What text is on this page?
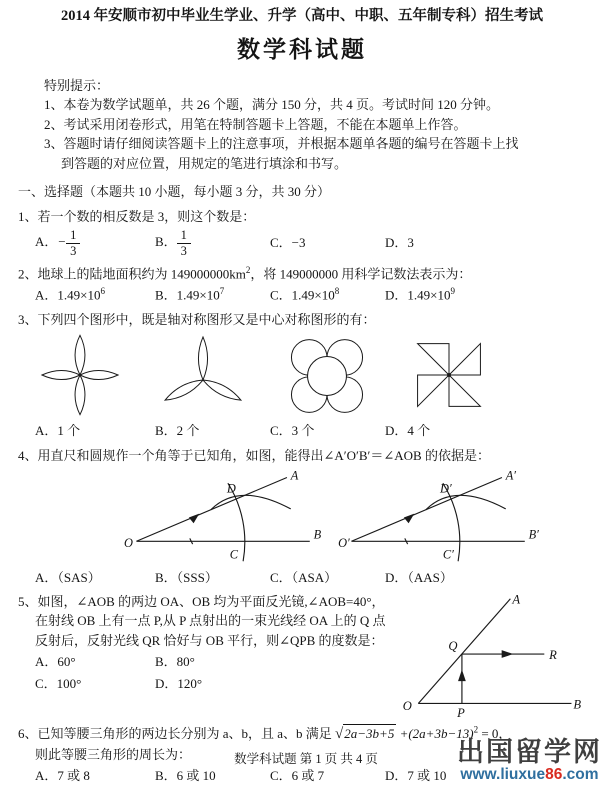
2014 年安顺市初中毕业生学业、升学（高中、中职、五年制专科）招生考试
数学科试题
特别提示：
1、本卷为数学试题单，共 26 个题，满分 150 分，共 4 页。考试时间 120 分钟。
2、考试采用闭卷形式，用笔在特制答题卡上答题，不能在本题单上作答。
3、答题时请仔细阅读答题卡上的注意事项，并根据本题单各题的编号在答题卡上找
到答题的对应位置，用规定的笔进行填涂和书写。
一、选择题（本题共 10 小题，每小题 3 分，共 30 分）
1、若一个数的相反数是 3，则这个数是：
A．− $\frac{1}{3}$	B． $\frac{1}{3}$	C．−3	D．3
2、地球上的陆地面积约为 $149000000km^2$，将 149000000 用科学记数法表示为：
A．$1.49\times 10^6$	B．$1.49\times 10^7$	C．$1.49\times 10^8$	D．$1.49\times 10^9$
3、下列四个图形中，既是轴对称图形又是中心对称图形的有：
A．1 个	B．2 个	C．3 个	D．4 个
4、用直尺和圆规作一个角等于已知角，如图，能得出∠A′O′B′＝∠AOB 的依据是：
O
A
B
C
D
O′
A′
B′
C′
D′
A．（SAS）	B．（SSS）	C．（ASA）	D．（AAS）
5、如图，∠AOB 的两边 OA、OB 均为平面反光镜,∠AOB=40°，
在射线 OB 上有一点 P,从 P 点射出的一束光线经 OA 上的 Q 点
反射后，反射光线 QR 恰好与 OB 平行，则∠QPB 的度数是：
A．60°	B．80°
C．100°	D．120°
A
Q
R
O	P
B
6、已知等腰三角形的两边长分别为 a、b，且 a、b 满足 $√2a-3b+5 +(2a+3b-13)^2 = 0$，
则此等腰三角形的周长为：
A．7 或 8	B．6 或 10	C．6 或 7	D．7 或 10
数学科试题 第 1 页 共 4 页	出国留学网
www.liuxue86.com
